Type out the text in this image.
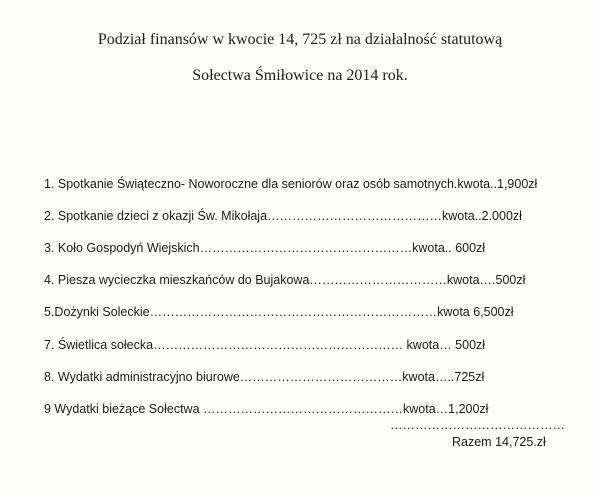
Podział finansów w kwocie 14, 725 zł na działalność statutową
Sołectwa Śmiłowice na 2014 rok.
1. Spotkanie Świąteczno- Noworoczne dla seniorów oraz osób samotnych.kwota..1,900zł
2. Spotkanie dzieci z okazji Św. Mikołaja……………………………………kwota..2.000zł
3. Koło Gospodyń Wiejskich……………………………………………kwota.. 600zł
4. Piesza wycieczka mieszkańców do Bujakowa……………………………kwota….500zł
5.Dożynki Soleckie……………………………………………………………kwota 6,500zł
7. Świetlica sołecka…………………………………………………… kwota… 500zł
8. Wydatki administracyjno biurowe…………………………………kwota…..725zł
9 Wydatki bieżące Sołectwa …………………………………………kwota…1,200zł
……………………………………
Razem 14,725.zł
